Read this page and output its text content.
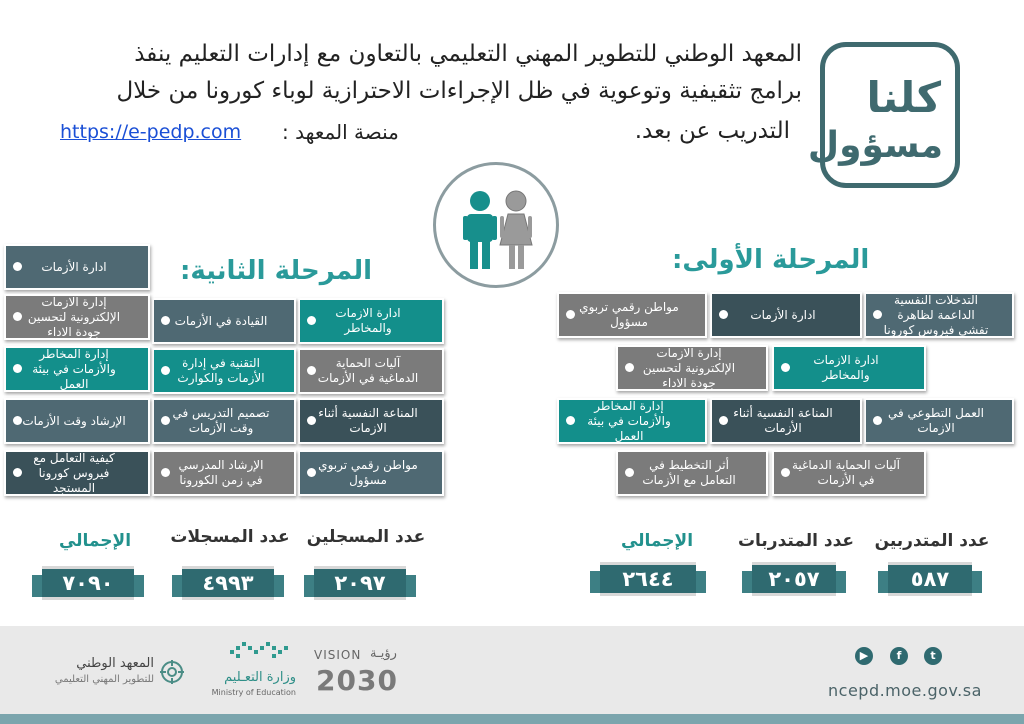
كلنا
مسؤول
المعهد الوطني للتطوير المهني التعليمي بالتعاون مع إدارات التعليم ينفذ
برامج تثقيفية وتوعوية في ظل الإجراءات الاحترازية لوباء كورونا من خلال
التدريب عن بعد.
منصة المعهد :
https://e-pedp.com
المرحلة الأولى:
التدخلات النفسية الداعمة لظاهرة تفشي فيروس كورونا
ادارة الأزمات
مواطن رقمي تربوي مسؤول
ادارة الازمات والمخاطر
إدارة الازمات الإلكترونية لتحسين جودة الاداء
العمل التطوعي في الازمات
المناعة النفسية أثناء الأزمات
إدارة المخاطر والأزمات في بيئة العمل
آليات الحماية الدماغية في الأزمات
أثر التخطيط في التعامل مع الأزمات
عدد المتدربين
عدد المتدربات
الإجمالي
٥٨٧
٢٠٥٧
٢٦٤٤
المرحلة الثانية:
ادارة الأزمات
ادارة الازمات والمخاطر
القيادة في الأزمات
إدارة الازمات الإلكترونية لتحسين جودة الاداء
آليات الحماية الدماغية في الأزمات
التقنية في إدارة الأزمات والكوارث
إدارة المخاطر والأزمات في بيئة العمل
المناعة النفسية أثناء الازمات
تصميم التدريس في وقت الأزمات
الإرشاد وقت الأزمات
مواطن رقمي تربوي مسؤول
الإرشاد المدرسي في زمن الكورونا
كيفية التعامل مع فيروس كورونا المستجد
عدد المسجلين
عدد المسجلات
الإجمالي
٢٠٩٧
٤٩٩٣
٧٠٩٠
▶	f	t
ncepd.moe.gov.sa
VISION رؤيـة
2030
وزارة التعـليم
Ministry of Education
المعهد الوطني
للتطوير المهني التعليمي
